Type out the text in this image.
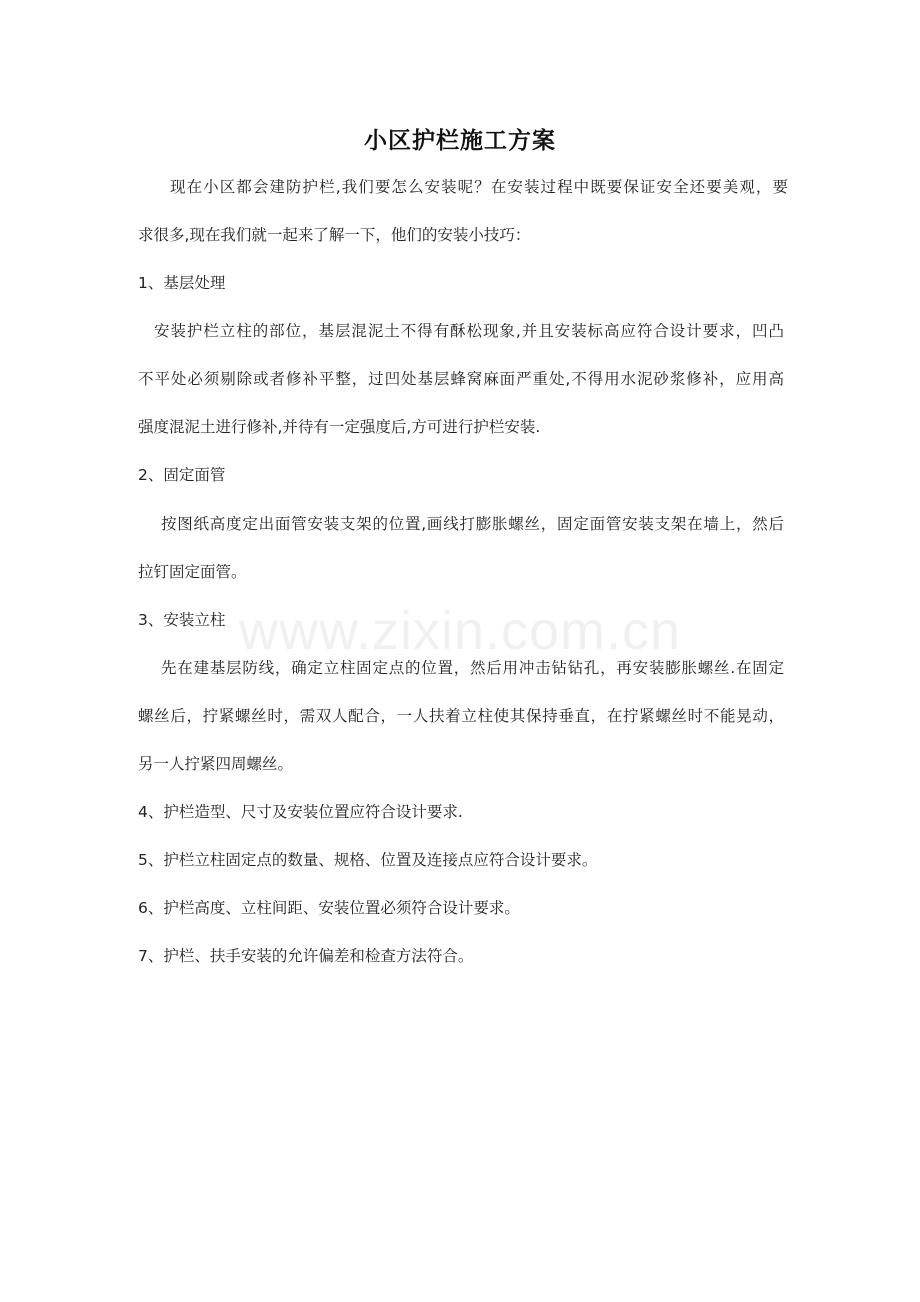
www.zixin.com.cn
小区护栏施工方案
现在小区都会建防护栏,我们要怎么安装呢？在安装过程中既要保证安全还要美观，要
求很多,现在我们就一起来了解一下，他们的安装小技巧：
1、基层处理
安装护栏立柱的部位，基层混泥土不得有酥松现象,并且安装标高应符合设计要求，凹凸
不平处必须剔除或者修补平整，过凹处基层蜂窝麻面严重处,不得用水泥砂浆修补，应用高
强度混泥土进行修补,并待有一定强度后,方可进行护栏安装.
2、固定面管
按图纸高度定出面管安装支架的位置,画线打膨胀螺丝，固定面管安装支架在墙上，然后
拉钉固定面管。
3、安装立柱
先在建基层防线，确定立柱固定点的位置，然后用冲击钻钻孔，再安装膨胀螺丝.在固定
螺丝后，拧紧螺丝时，需双人配合，一人扶着立柱使其保持垂直，在拧紧螺丝时不能晃动，
另一人拧紧四周螺丝。
4、护栏造型、尺寸及安装位置应符合设计要求.
5、护栏立柱固定点的数量、规格、位置及连接点应符合设计要求。
6、护栏高度、立柱间距、安装位置必须符合设计要求。
7、护栏、扶手安装的允许偏差和检查方法符合。
